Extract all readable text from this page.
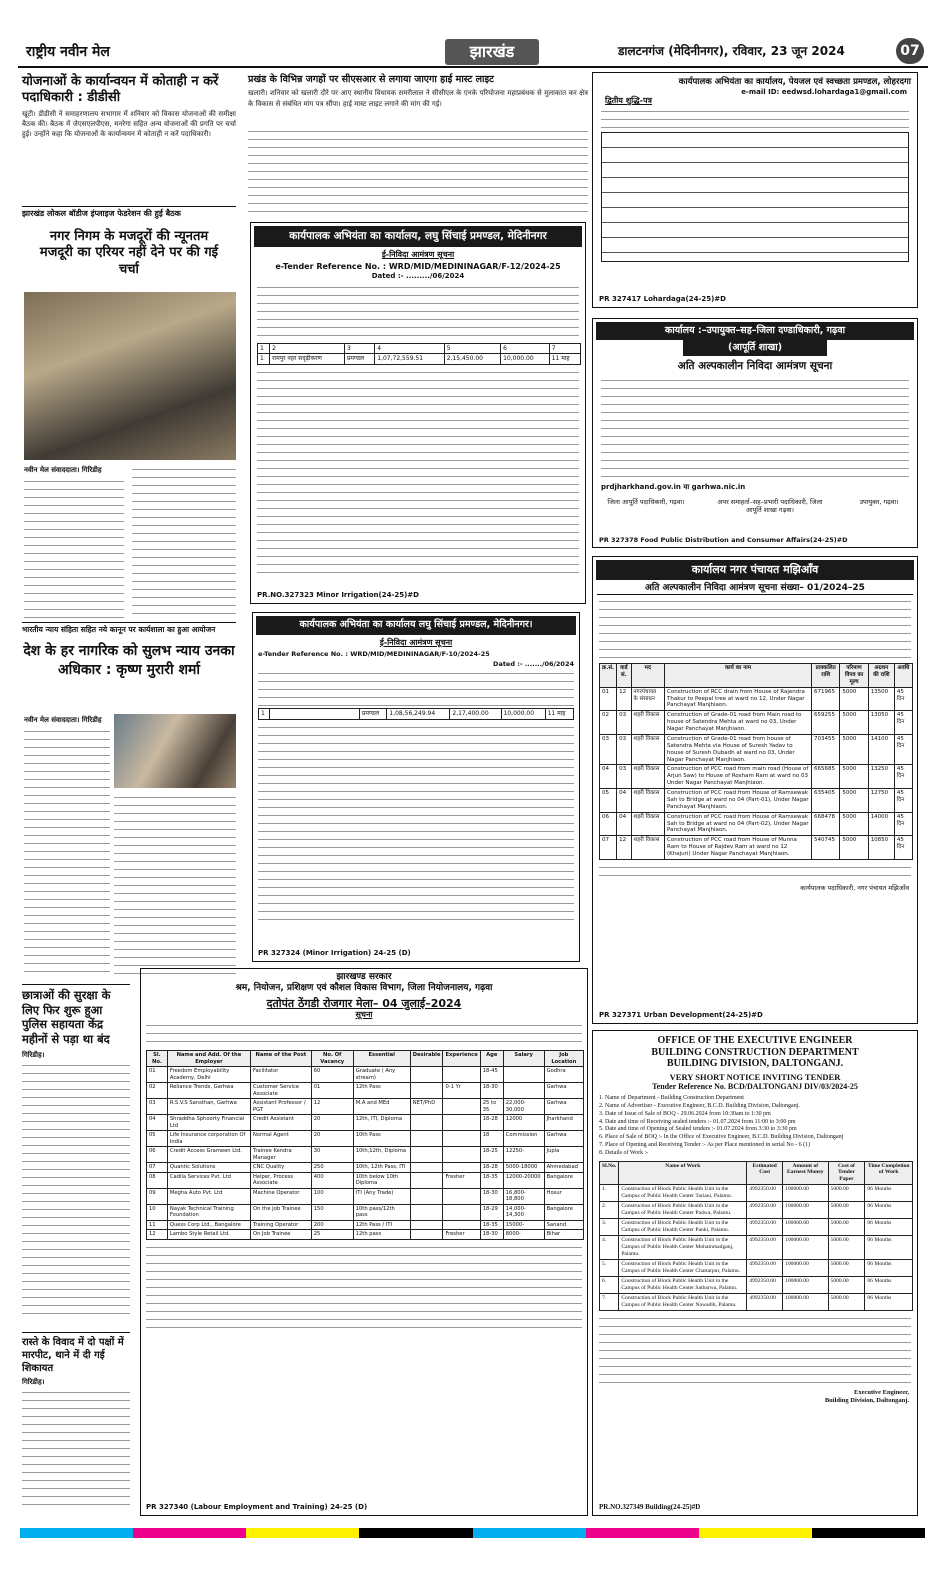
राष्ट्रीय नवीन मेल	झारखंड	डालटनगंज (मेदिनीनगर), रविवार, 23 जून 2024	07
योजनाओं के कार्यान्वयन में कोताही न करें पदाधिकारी : डीडीसी
खूंटी। डीडीसी ने समाहरणालय सभागार में शनिवार को विकास योजनाओं की समीक्षा बैठक की। बैठक में जेएसएलपीएस, मनरेगा सहित अन्य योजनाओं की प्रगति पर चर्चा हुई। उन्होंने कहा कि योजनाओं के कार्यान्वयन में कोताही न करें पदाधिकारी।
झारखंड लोकल बॉडीज इंप्लाइज फेडरेशन की हुई बैठक
नगर निगम के मजदूरों की न्यूनतम मजदूरी का एरियर नहीं देने पर की गई चर्चा
नवीन मेल संवाददाता। गिरिडीह
भारतीय न्याय संहिता सहित नये कानून पर कार्यशाला का हुआ आयोजन
देश के हर नागरिक को सुलभ न्याय उनका अधिकार : कृष्ण मुरारी शर्मा
नवीन मेल संवाददाता। गिरिडीह
छात्राओं की सुरक्षा के लिए फिर शुरू हुआ पुलिस सहायता केंद्र महीनों से पड़ा था बंद
गिरिडीह।
रास्ते के विवाद में दो पक्षों में मारपीट, थाने में दी गई शिकायत
गिरिडीह।
प्रखंड के विभिन्न जगहों पर सीएसआर से लगाया जाएगा हाई मास्ट लाइट
खलारी। शनिवार को खलारी दौरे पर आए स्थानीय विधायक समरीलाल ने सीसीएल के एनके परियोजना महाप्रबंधक से मुलाकात कर क्षेत्र के विकास से संबंधित मांग पत्र सौंपा। हाई मास्ट लाइट लगाने की मांग की गई।
कार्यपालक अभियंता का कार्यालय, लघु सिंचाई प्रमण्डल, मेदिनीनगर
ई-निविदा आमंत्रण सूचना
e-Tender Reference No. : WRD/MID/MEDININAGAR/F-12/2024-25
Dated :- ........./06/2024
1	2	3	4	5	6	7
1	रामपुर नहर सदृढ़ीकरण	प्रमण्डल	1,07,72,559.51	2,15,450.00	10,000.00	11 माह
PR.NO.327323 Minor Irrigation(24-25)#D
कार्यपालक अभियंता का कार्यालय लघु सिंचाई प्रमण्डल, मेदिनीनगर।
ई-निविदा आमंत्रण सूचना
e-Tender Reference No. : WRD/MID/MEDININAGAR/F-10/2024-25
Dated :- ......./06/2024
1		प्रमण्डल	1,08,56,249.94	2,17,400.00	10,000.00	11 माह
PR 327324 (Minor Irrigation) 24-25 (D)
झारखण्ड सरकार
श्रम, नियोजन, प्रशिक्षण एवं कौशल विकास विभाग, जिला नियोजनालय, गढ़वा
दतोपंत ठेंगडी रोजगार मेला– 04 जुलाई–2024
सूचना
Sl. No.	Name and Add. Of the Employer	Name of the Post	No. Of Vacancy	Essential	Desirable	Experience	Age	Salary	Job Location
01	Freedom Employability Academy, Delhi	Facilitator	60	Graduate ( Any stream)			18-45		Godhra
02	Reliance Trends, Garhwa	Customer Service Associate	01	12th Pass		0-1 Yr	18-30		Garhwa
03	R.S.V.S Sansthan, Garhwa	Assistant Professor / PGT	12	M.A and MEd	NET/PhD		25 to 35	22,000-30,000	Garhwa
04	Shraddha Sphoorty Financial Ltd	Credit Assistant	20	12th, ITI, Diploma			18-28	12000	Jharkhand
05	Life Insurance corporation Of India	Normal Agent	20	10th Pass			18	Commission	Garhwa
06	Credit Access Grameen Ltd.	Trainee Kendra Manager	30	10th,12th, Diploma			18-25	12250-	Jupla
07	Quantic Solutions	CNC Quality	250	10th, 12th Pass, ITI			18-28	5000-18000	Ahmedabad
08	Cadila Services Pvt. Ltd	Helper, Process Associate	400	10th below 10th Diploma		Fresher	18-35	12000-20000	Bangalore
09	Megha Auto Pvt. Ltd	Machine Operator	100	ITI (Any Trade)			18-30	16,800-18,800	Hosur
10	Nayak Technical Training Foundation	On the Job Trainee	150	10th pass/12th pass			18-29	14,000-14,300	Bangalore
11	Quess Corp Ltd., Bangalore	Training Operator	200	12th Pass / ITI			18-35	15000-	Sanand
12	Lambo Style Retail Ltd.	On Job Trainee	25	12th pass		Fresher	18-30	8000-	Bihar
PR 327340 (Labour Employment and Training) 24-25 (D)
कार्यपालक अभियंता का कार्यालय, पेयजल एवं स्वच्छता प्रमण्डल, लोहरदगा
e-mail ID: eedwsd.lohardaga1@gmail.com
द्वितीय शुद्धि-पत्र
PR 327417 Lohardaga(24-25)#D
कार्यालय :–उपायुक्त–सह–जिला दण्डाधिकारी, गढ़वा
(आपूर्ति शाखा)
अति अल्पकालीन निविदा आमंत्रण सूचना
prdjharkhand.gov.in या garhwa.nic.in
जिला आपूर्ति पदाधिकारी, गढ़वा।	अपर समाहर्ता–सह–प्रभारी पदाधिकारी, जिला आपूर्ति शाखा गढ़वा।
उपायुक्त, गढ़वा।
PR 327378 Food Public Distribution and Consumer Affairs(24-25)#D
कार्यालय नगर पंचायत मझिआँव
अति अल्पकालीन निविदा आमंत्रण सूचना संख्या– 01/2024–25
क्र.सं.	वार्ड सं.	मद	कार्य का नाम	प्राक्कलित राशि	परिमाण विपत्र का मूल्य	अग्रधन की राशि	अवधि
01	12	नगरपंचायत के संसाधन	Construction of RCC drain from House of Rajendra Thakur to Peepal tree at ward no 12, Under Nagar Panchayat Manjhiaon.	671965	5000	13500	45 दिन
02	03	शहरी विकास	Construction of Grade-01 road from Main road to house of Satendra Mehta at ward no 03, Under Nagar Panchayat Manjhiaon.	659255	5000	13050	45 दिन
03	03	शहरी विकास	Construction of Grade-01 road from house of Satendra Mehta via House of Suresh Yadav to house of Suresh Dubadh at ward no 03, Under Nagar Panchayat Manjhiaon.	703455	5000	14100	45 दिन
04	03	शहरी विकास	Construction of PCC road from main road (House of Arjun Saw) to House of Rosham Ram at ward no 03 Under Nagar Panchayat Manjhiaon.	665685	5000	13250	45 दिन
05	04	शहरी विकास	Construction of PCC road from House of Ramsewak Sah to Bridge at ward no 04 (Part-01), Under Nagar Panchayat Manjhiaon.	635405	5000	12750	45 दिन
06	04	शहरी विकास	Construction of PCC road from House of Ramsewak Sah to Bridge at ward no 04 (Part-02), Under Nagar Panchayat Manjhiaon.	668478	5000	14000	45 दिन
07	12	शहरी विकास	Construction of PCC road from House of Munna Ram to House of Rajdev Ram at ward no 12 (Khajuri) Under Nagar Panchayat Manjhiaon.	540745	5000	10850	45 दिन
कार्यपालक पदाधिकारी, नगर पंचायत मझिआँव
PR 327371 Urban Development(24-25)#D
OFFICE OF THE EXECUTIVE ENGINEER
BUILDING CONSTRUCTION DEPARTMENT
BUILDING DIVISION, DALTONGANJ.
VERY SHORT NOTICE INVITING TENDER
Tender Reference No. BCD/DALTONGANJ DIV/03/2024-25
1. Name of Department - Building Construction Department
2. Name of Advertiser - Executive Engineer, B.C.D. Building Division, Daltonganj.
3. Date of Issue of Sale of BOQ - 29.06.2024 from 10:30am to 1:30 pm
4. Date and time of Receiving sealed tenders :- 01.07.2024 from 11:00 to 3:00 pm
5. Date and time of Opening of Sealed tenders :- 01.07.2024 from 3:30 to 3:30 pm
6. Place of Sale of BOQ :- In the Office of Executive Engineer, B.C.D. Building Division, Daltonganj
7. Place of Opening and Receiving Tender :- As per Place mentioned in serial No - 6 (1)
8. Details of Work :-
Sl.No.	Name of Work	Estimated Cost	Amount of Earnest Money	Cost of Tender Paper	Time Completion of Work
1.	Construction of Block Public Health Unit in the Campus of Public Health Center Tariani, Palamu.	4992350.00	100000.00	5000.00	06 Months
2.	Construction of Block Public Health Unit in the Campus of Public Health Center Padwa, Palamu.	4992350.00	100000.00	5000.00	06 Months
3.	Construction of Block Public Health Unit in the Campus of Public Health Center Panki, Palamu.	4992350.00	100000.00	5000.00	06 Months
4.	Construction of Block Public Health Unit in the Campus of Public Health Center Mohammadganj, Palamu.	4992350.00	100000.00	5000.00	06 Months
5.	Construction of Block Public Health Unit in the Campus of Public Health Center Chattarpur, Palamu.	4992350.00	100000.00	5000.00	06 Months
6.	Construction of Block Public Health Unit in the Campus of Public Health Center Satbarwa, Palamu.	4992350.00	100000.00	5000.00	06 Months
7.	Construction of Block Public Health Unit in the Campus of Public Health Center Nawadih, Palamu.	4992350.00	100000.00	5000.00	06 Months
Executive Engineer,
Building Division, Daltonganj.
PR.NO.327349 Building(24-25)#D
